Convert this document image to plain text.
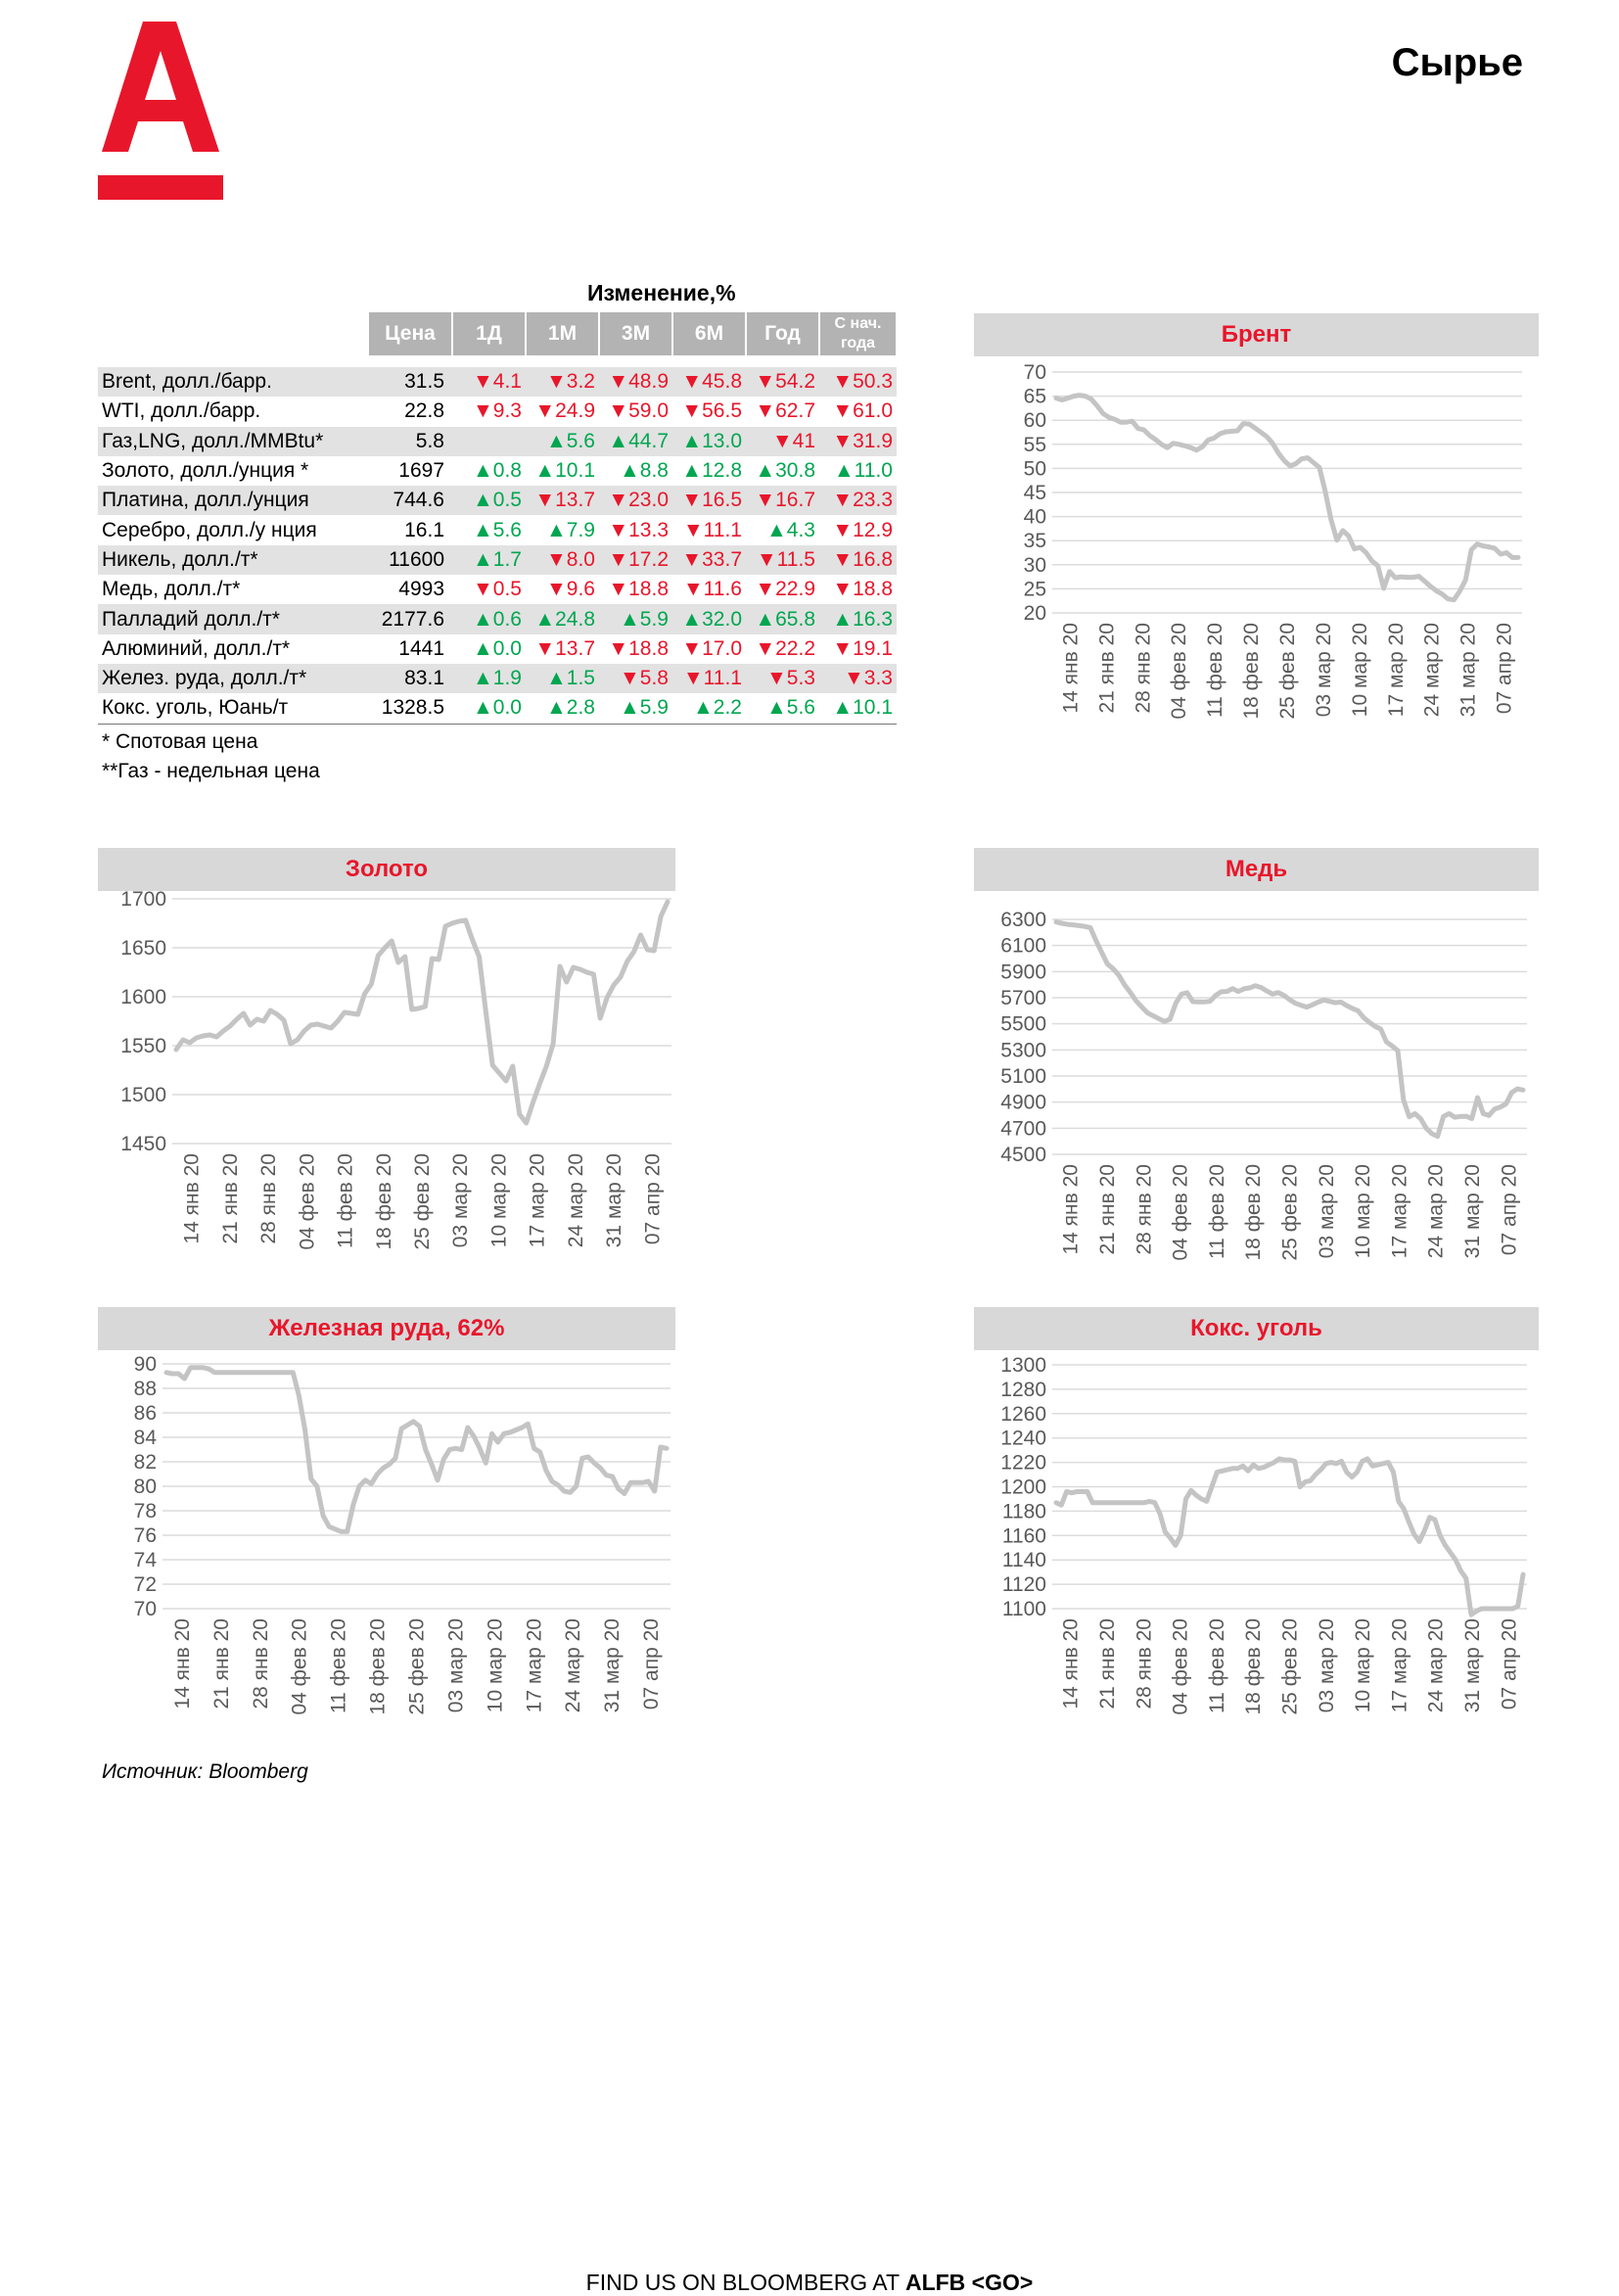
Сырье
Изменение,%
	Цена	1Д	1М	3М	6М	Год	С нач. года

Brent, долл./барр.	31.5	▼4.1	▼3.2	▼48.9	▼45.8	▼54.2	▼50.3
WTI, долл./барр.	22.8	▼9.3	▼24.9	▼59.0	▼56.5	▼62.7	▼61.0
Газ,LNG, долл./MMBtu*	5.8		▲5.6	▲44.7	▲13.0	▼41	▼31.9
Золото, долл./унция *	1697	▲0.8	▲10.1	▲8.8	▲12.8	▲30.8	▲11.0
Платина, долл./унция	744.6	▲0.5	▼13.7	▼23.0	▼16.5	▼16.7	▼23.3
Серебро, долл./у нция	16.1	▲5.6	▲7.9	▼13.3	▼11.1	▲4.3	▼12.9
Никель, долл./т*	11600	▲1.7	▼8.0	▼17.2	▼33.7	▼11.5	▼16.8
Медь, долл./т*	4993	▼0.5	▼9.6	▼18.8	▼11.6	▼22.9	▼18.8
Палладий долл./т*	2177.6	▲0.6	▲24.8	▲5.9	▲32.0	▲65.8	▲16.3
Алюминий, долл./т*	1441	▲0.0	▼13.7	▼18.8	▼17.0	▼22.2	▼19.1
Желез. руда, долл./т*	83.1	▲1.9	▲1.5	▼5.8	▼11.1	▼5.3	▼3.3
Кокс. уголь, Юань/т	1328.5	▲0.0	▲2.8	▲5.9	▲2.2	▲5.6	▲10.1
* Спотовая цена
**Газ - недельная цена
Брент
20
25
30
35
40
45
50
55
60
65
70
14 янв 20 21 янв 20 28 янв 20 04 фев 20 11 фев 20 18 фев 20 25 фев 20 03 мар 20 10 мар 20 17 мар 20 24 мар 20 31 мар 20 07 апр 20
Золото
1450
1500
1550
1600
1650
1700
14 янв 20 21 янв 20 28 янв 20 04 фев 20 11 фев 20 18 фев 20 25 фев 20 03 мар 20 10 мар 20 17 мар 20 24 мар 20 31 мар 20 07 апр 20
Медь
4500
4700
4900
5100
5300
5500
5700
5900
6100
6300
14 янв 20 21 янв 20 28 янв 20 04 фев 20 11 фев 20 18 фев 20 25 фев 20 03 мар 20 10 мар 20 17 мар 20 24 мар 20 31 мар 20 07 апр 20
Железная руда, 62%
70
72
74
76
78
80
82
84
86
88
90
14 янв 20 21 янв 20 28 янв 20 04 фев 20 11 фев 20 18 фев 20 25 фев 20 03 мар 20 10 мар 20 17 мар 20 24 мар 20 31 мар 20 07 апр 20
Кокс. уголь
1100
1120
1140
1160
1180
1200
1220
1240
1260
1280
1300
14 янв 20 21 янв 20 28 янв 20 04 фев 20 11 фев 20 18 фев 20 25 фев 20 03 мар 20 10 мар 20 17 мар 20 24 мар 20 31 мар 20 07 апр 20
Источник: Bloomberg
FIND US ON BLOOMBERG AT ALFB <GO>
